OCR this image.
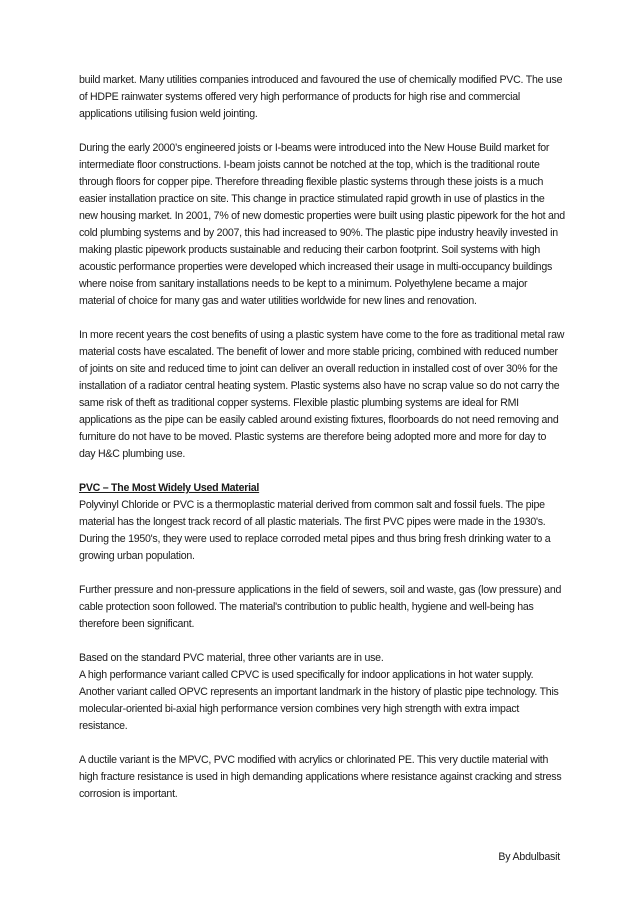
build market. Many utilities companies introduced and favoured the use of chemically modified PVC. The use of HDPE rainwater systems offered very high performance of products for high rise and commercial applications utilising fusion weld jointing.

During the early 2000’s engineered joists or I-beams were introduced into the New House Build market for intermediate floor constructions. I-beam joists cannot be notched at the top, which is the traditional route through floors for copper pipe. Therefore threading flexible plastic systems through these joists is a much easier installation practice on site. This change in practice stimulated rapid growth in use of plastics in the new housing market. In 2001, 7% of new domestic properties were built using plastic pipework for the hot and cold plumbing systems and by 2007, this had increased to 90%. The plastic pipe industry heavily invested in making plastic pipework products sustainable and reducing their carbon footprint. Soil systems with high acoustic performance properties were developed which increased their usage in multi-occupancy buildings where noise from sanitary installations needs to be kept to a minimum. Polyethylene became a major material of choice for many gas and water utilities worldwide for new lines and renovation.

In more recent years the cost benefits of using a plastic system have come to the fore as traditional metal raw material costs have escalated. The benefit of lower and more stable pricing, combined with reduced number of joints on site and reduced time to joint can deliver an overall reduction in installed cost of over 30% for the installation of a radiator central heating system. Plastic systems also have no scrap value so do not carry the same risk of theft as traditional copper systems. Flexible plastic plumbing systems are ideal for RMI applications as the pipe can be easily cabled around existing fixtures, floorboards do not need removing and furniture do not have to be moved. Plastic systems are therefore being adopted more and more for day to day H&C plumbing use.

PVC – The Most Widely Used Material

Polyvinyl Chloride or PVC is a thermoplastic material derived from common salt and fossil fuels. The pipe material has the longest track record of all plastic materials. The first PVC pipes were made in the 1930's. During the 1950's, they were used to replace corroded metal pipes and thus bring fresh drinking water to a growing urban population.

Further pressure and non-pressure applications in the field of sewers, soil and waste, gas (low pressure) and cable protection soon followed. The material's contribution to public health, hygiene and well-being has therefore been significant.

Based on the standard PVC material, three other variants are in use.

A high performance variant called CPVC is used specifically for indoor applications in hot water supply.

Another variant called OPVC represents an important landmark in the history of plastic pipe technology. This molecular-oriented bi-axial high performance version combines very high strength with extra impact resistance.

A ductile variant is the MPVC, PVC modified with acrylics or chlorinated PE. This very ductile material with high fracture resistance is used in high demanding applications where resistance against cracking and stress corrosion is important.

By Abdulbasit
